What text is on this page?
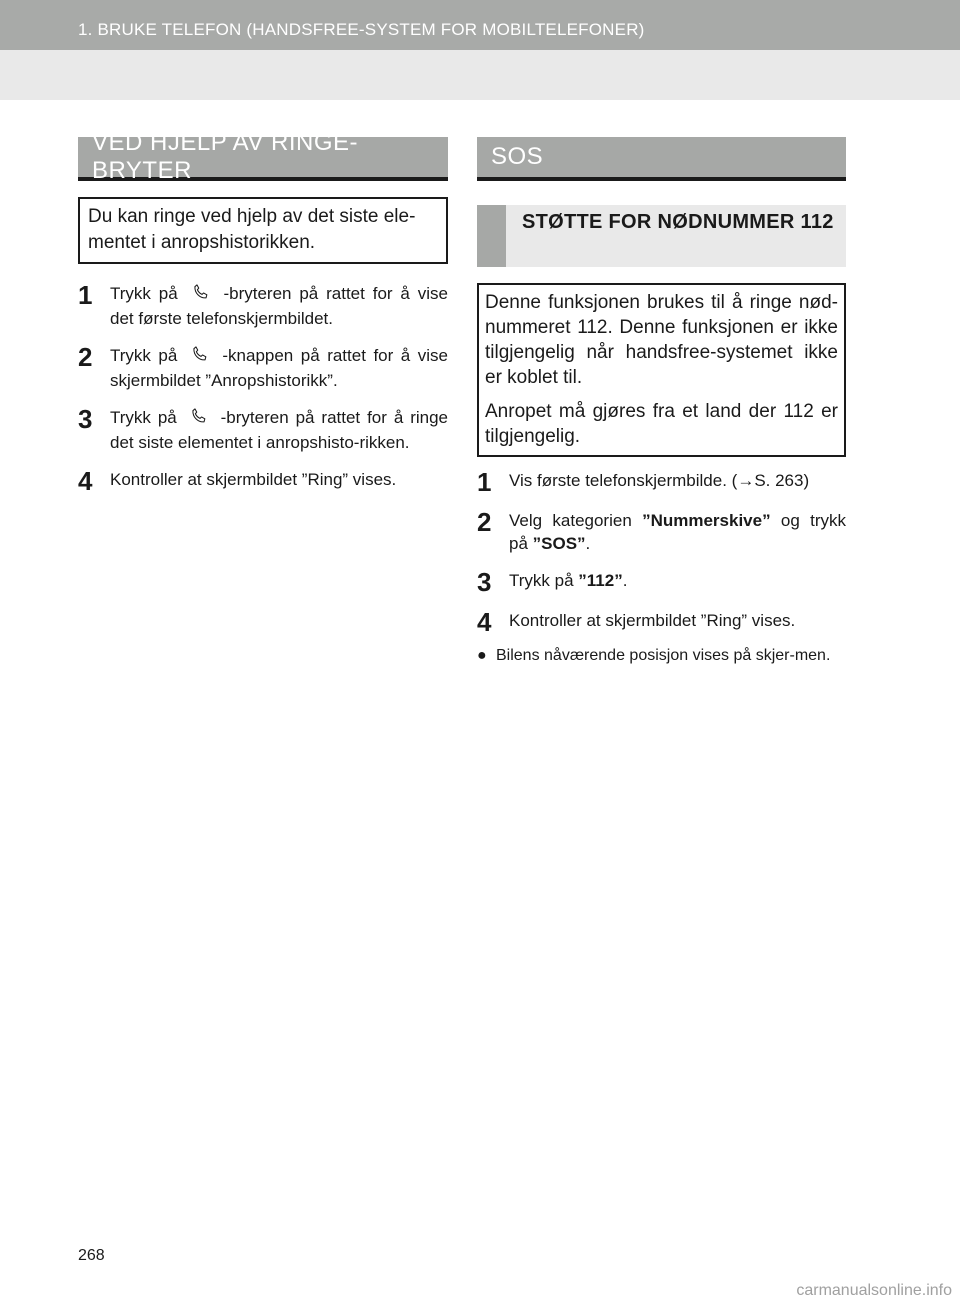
1. BRUKE TELEFON (HANDSFREE-SYSTEM FOR MOBILTELEFONER)
VED HJELP AV RINGE-BRYTER
Du kan ringe ved hjelp av det siste ele-mentet i anropshistorikken.
1	Trykk på	-bryteren på rattet for å vise det første telefonskjermbildet.
2	Trykk på	-knappen på rattet for å vise skjermbildet ”Anropshistorikk”.
3	Trykk på	-bryteren på rattet for å ringe det siste elementet i anropshisto-rikken.
4	Kontroller at skjermbildet ”Ring” vises.
SOS
STØTTE FOR NØDNUMMER 112

Denne funksjonen brukes til å ringe nød-nummeret 112. Denne funksjonen er ikke tilgjengelig når handsfree-systemet ikke er koblet til.

Anropet må gjøres fra et land der 112 er tilgjengelig.

1	Vis første telefonskjermbilde. (→S. 263)
2	Velg kategorien ”Nummerskive” og trykk på ”SOS”.
3	Trykk på ”112”.
4	Kontroller at skjermbildet ”Ring” vises.
● Bilens nåværende posisjon vises på skjer-men.
268
carmanualsonline.info
